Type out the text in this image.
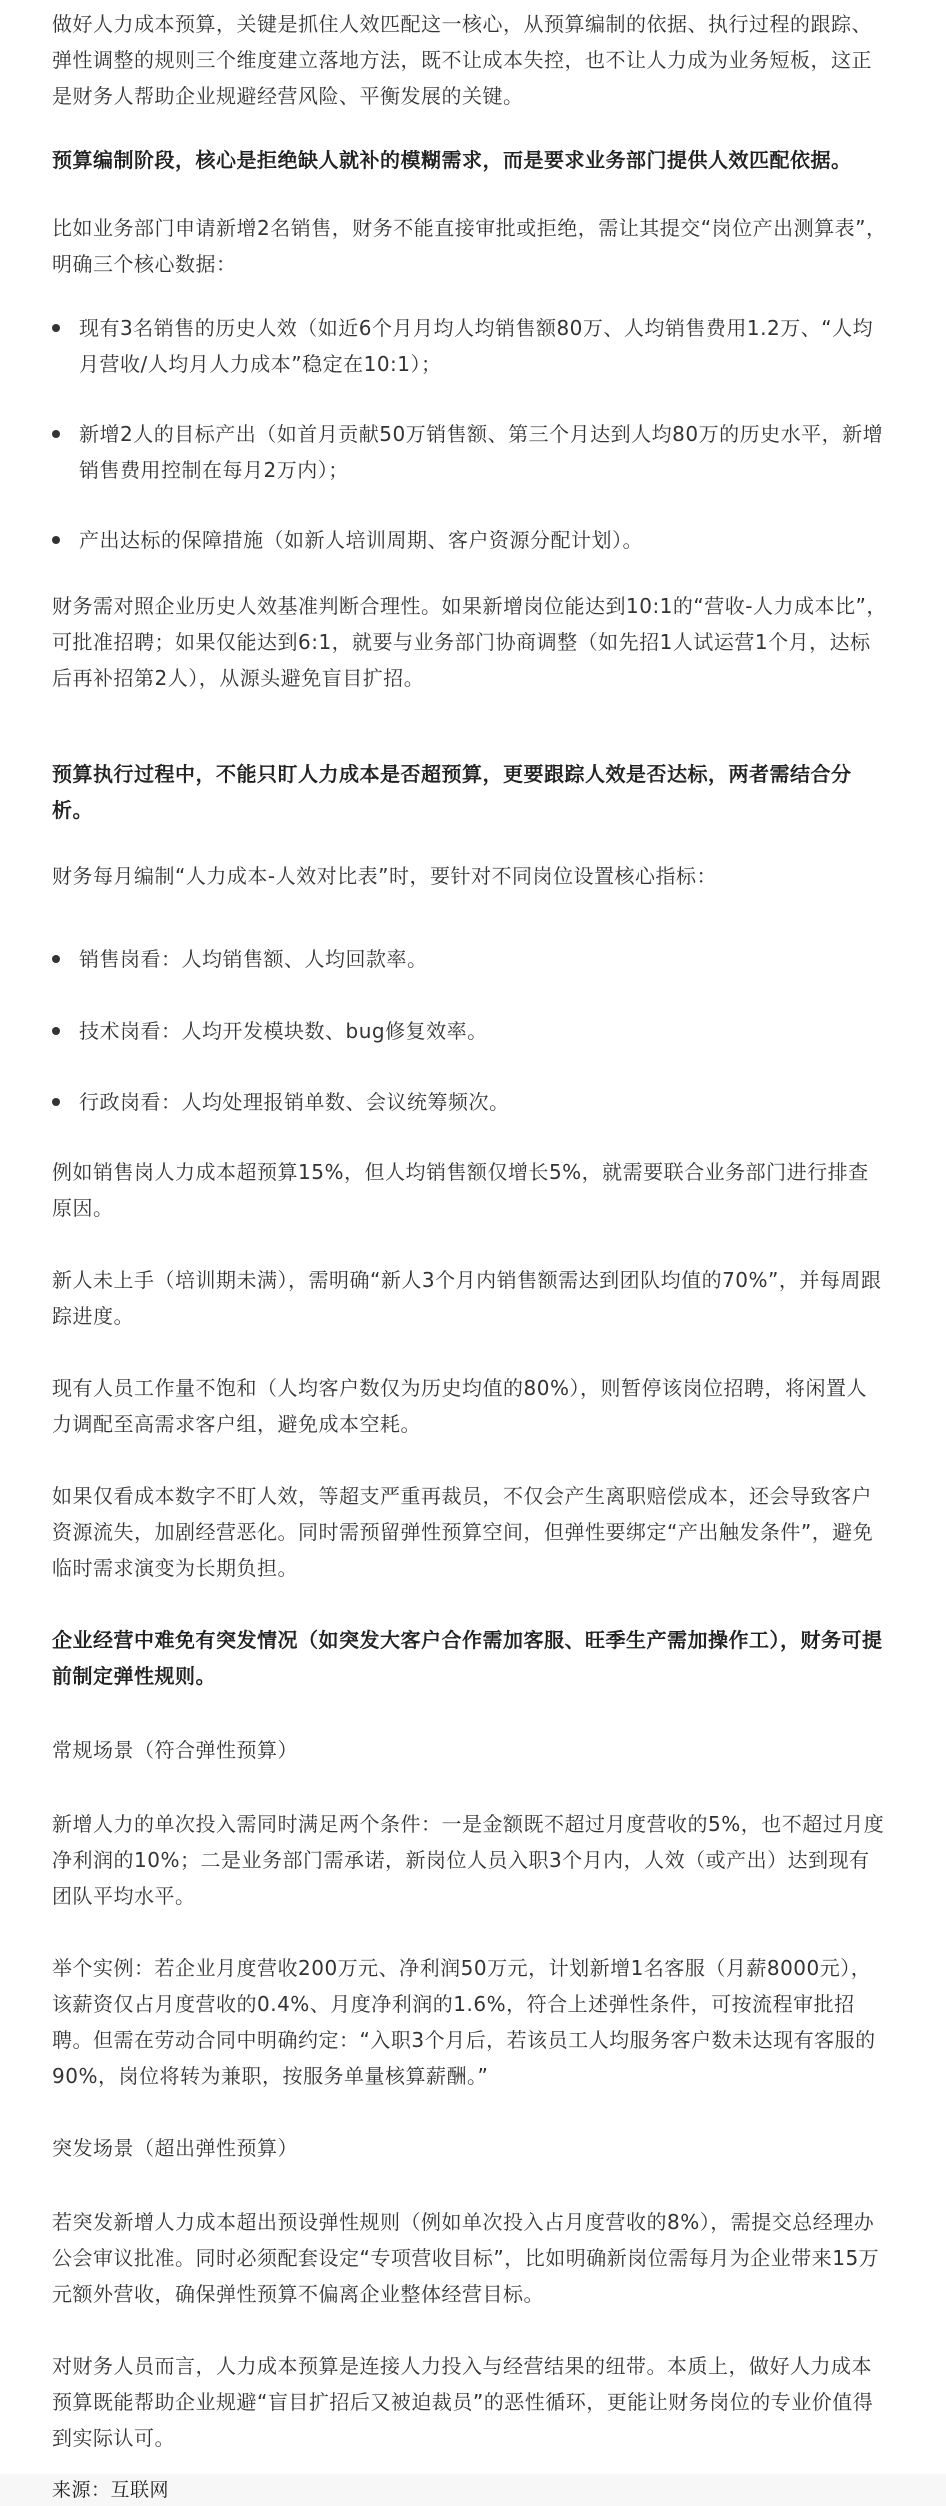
做好人力成本预算，关键是抓住人效匹配这一核心，从预算编制的依据、执行过程的跟踪、弹性调整的规则三个维度建立落地方法，既不让成本失控，也不让人力成为业务短板，这正是财务人帮助企业规避经营风险、平衡发展的关键。

预算编制阶段，核心是拒绝缺人就补的模糊需求，而是要求业务部门提供人效匹配依据。

比如业务部门申请新增2名销售，财务不能直接审批或拒绝，需让其提交“岗位产出测算表”，明确三个核心数据：

现有3名销售的历史人效（如近6个月月均人均销售额80万、人均销售费用1.2万、“人均月营收/人均月人力成本”稳定在10:1）；
新增2人的目标产出（如首月贡献50万销售额、第三个月达到人均80万的历史水平，新增销售费用控制在每月2万内）；
产出达标的保障措施（如新人培训周期、客户资源分配计划）。

财务需对照企业历史人效基准判断合理性。如果新增岗位能达到10:1的“营收-人力成本比”，可批准招聘；如果仅能达到6:1，就要与业务部门协商调整（如先招1人试运营1个月，达标后再补招第2人），从源头避免盲目扩招。

预算执行过程中，不能只盯人力成本是否超预算，更要跟踪人效是否达标，两者需结合分析。

财务每月编制“人力成本-人效对比表”时，要针对不同岗位设置核心指标：

销售岗看：人均销售额、人均回款率。
技术岗看：人均开发模块数、bug修复效率。
行政岗看：人均处理报销单数、会议统筹频次。

例如销售岗人力成本超预算15%，但人均销售额仅增长5%，就需要联合业务部门进行排查原因。

新人未上手（培训期未满），需明确“新人3个月内销售额需达到团队均值的70%”，并每周跟踪进度。

现有人员工作量不饱和（人均客户数仅为历史均值的80%），则暂停该岗位招聘，将闲置人力调配至高需求客户组，避免成本空耗。

如果仅看成本数字不盯人效，等超支严重再裁员，不仅会产生离职赔偿成本，还会导致客户资源流失，加剧经营恶化。同时需预留弹性预算空间，但弹性要绑定“产出触发条件”，避免临时需求演变为长期负担。

企业经营中难免有突发情况（如突发大客户合作需加客服、旺季生产需加操作工），财务可提前制定弹性规则。

常规场景（符合弹性预算）

新增人力的单次投入需同时满足两个条件：一是金额既不超过月度营收的5%，也不超过月度净利润的10%；二是业务部门需承诺，新岗位人员入职3个月内，人效（或产出）达到现有团队平均水平。

举个实例：若企业月度营收200万元、净利润50万元，计划新增1名客服（月薪8000元），该薪资仅占月度营收的0.4%、月度净利润的1.6%，符合上述弹性条件，可按流程审批招聘。但需在劳动合同中明确约定：“入职3个月后，若该员工人均服务客户数未达现有客服的90%，岗位将转为兼职，按服务单量核算薪酬。”

突发场景（超出弹性预算）

若突发新增人力成本超出预设弹性规则（例如单次投入占月度营收的8%），需提交总经理办公会审议批准。同时必须配套设定“专项营收目标”，比如明确新岗位需每月为企业带来15万元额外营收，确保弹性预算不偏离企业整体经营目标。

对财务人员而言，人力成本预算是连接人力投入与经营结果的纽带。本质上，做好人力成本预算既能帮助企业规避“盲目扩招后又被迫裁员”的恶性循环，更能让财务岗位的专业价值得到实际认可。

来源：互联网
